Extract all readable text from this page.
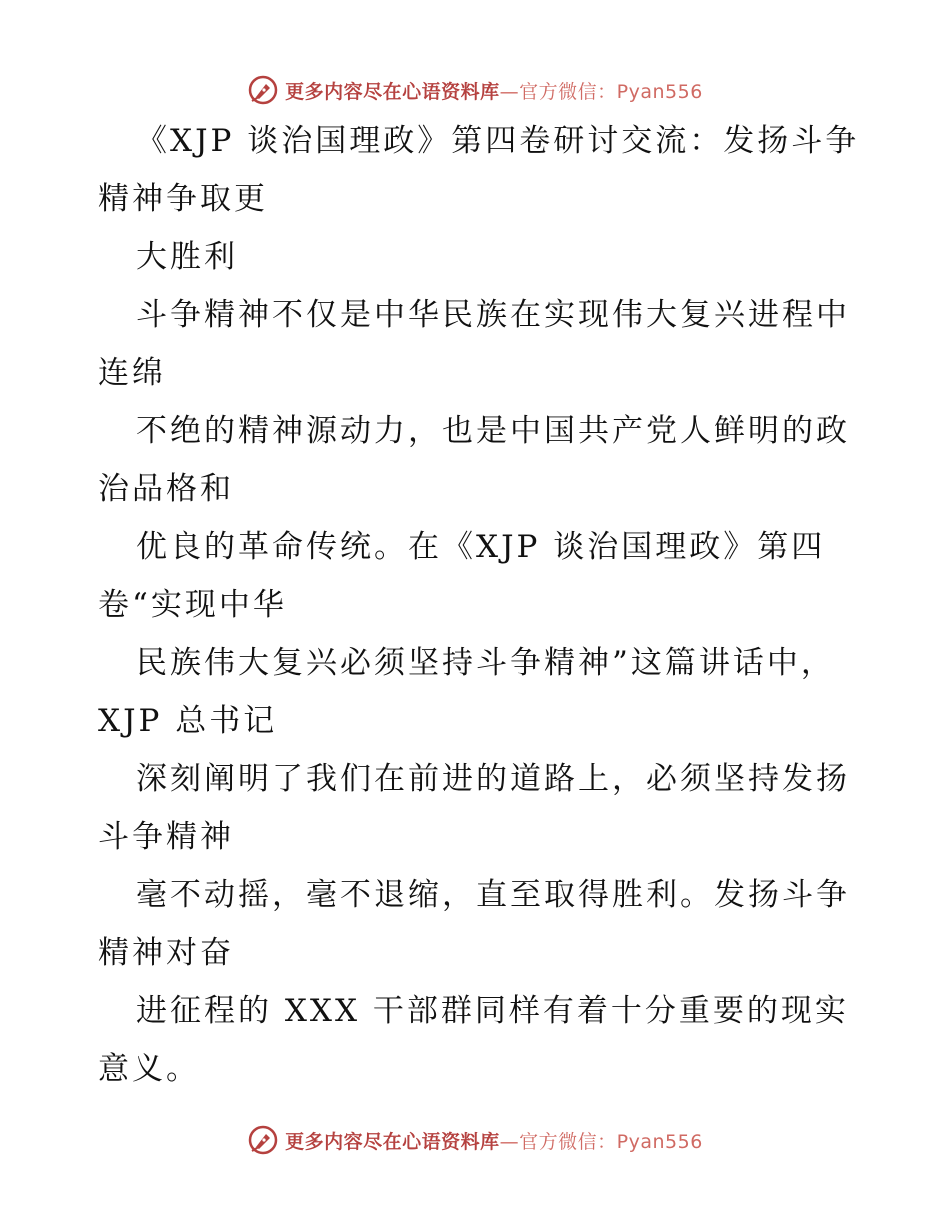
更多内容尽在心语资料库—官方微信：Pyan556
《XJP 谈治国理政》第四卷研讨交流：发扬斗争
精神争取更
大胜利
斗争精神不仅是中华民族在实现伟大复兴进程中
连绵
不绝的精神源动力，也是中国共产党人鲜明的政
治品格和
优良的革命传统。在《XJP 谈治国理政》第四
卷“实现中华
民族伟大复兴必须坚持斗争精神”这篇讲话中，
XJP 总书记
深刻阐明了我们在前进的道路上，必须坚持发扬
斗争精神
毫不动摇，毫不退缩，直至取得胜利。发扬斗争
精神对奋
进征程的 XXX 干部群同样有着十分重要的现实
意义。
更多内容尽在心语资料库—官方微信：Pyan556
